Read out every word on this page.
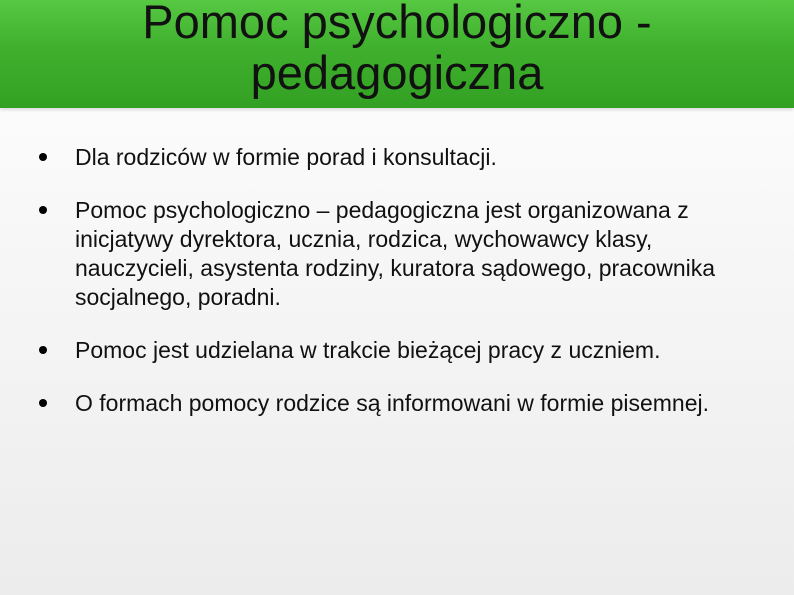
Pomoc psychologiczno - pedagogiczna
Dla rodziców w formie porad i konsultacji.
Pomoc psychologiczno – pedagogiczna jest organizowana z inicjatywy dyrektora, ucznia, rodzica, wychowawcy klasy, nauczycieli, asystenta rodziny, kuratora sądowego, pracownika socjalnego, poradni.
Pomoc jest udzielana w trakcie bieżącej pracy z uczniem.
O formach pomocy rodzice są informowani w formie pisemnej.
